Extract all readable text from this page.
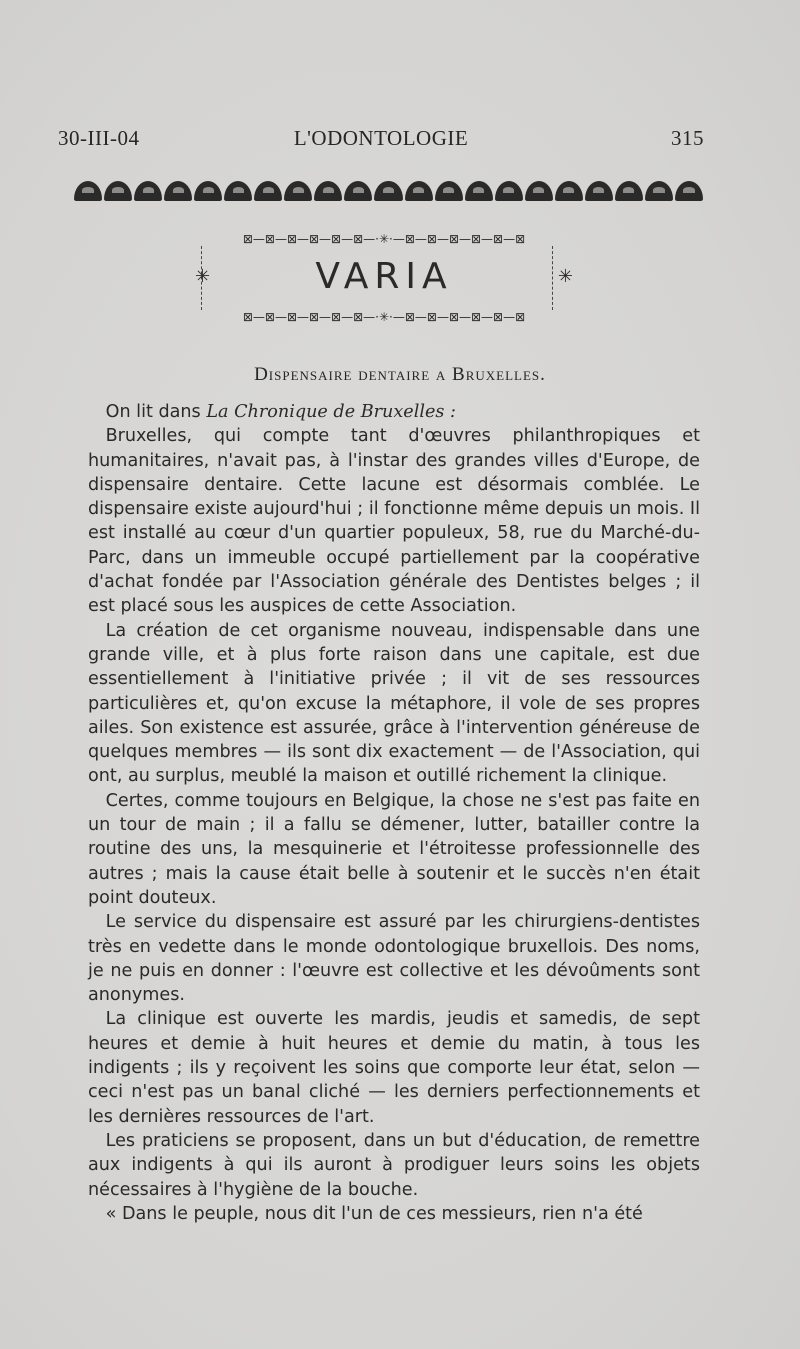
30-III-04	L'ODONTOLOGIE	315
⊠—⊠—⊠—⊠—⊠—⊠—·✳·—⊠—⊠—⊠—⊠—⊠—⊠
✳	✳
VARIA
⊠—⊠—⊠—⊠—⊠—⊠—·✳·—⊠—⊠—⊠—⊠—⊠—⊠
Dispensaire dentaire a Bruxelles.

 On lit dans La Chronique de Bruxelles :

 Bruxelles, qui compte tant d'œuvres philanthropiques et humanitaires, n'avait pas, à l'instar des grandes villes d'Europe, de dispensaire dentaire. Cette lacune est désormais comblée. Le dispensaire existe aujourd'hui ; il fonctionne même depuis un mois. Il est installé au cœur d'un quartier populeux, 58, rue du Marché-du-Parc, dans un immeuble occupé partiellement par la coopérative d'achat fondée par l'Association générale des Dentistes belges ; il est placé sous les auspices de cette Association.

 La création de cet organisme nouveau, indispensable dans une grande ville, et à plus forte raison dans une capitale, est due essentiellement à l'initiative privée ; il vit de ses ressources particulières et, qu'on excuse la métaphore, il vole de ses propres ailes. Son existence est assurée, grâce à l'intervention généreuse de quelques membres — ils sont dix exactement — de l'Association, qui ont, au surplus, meublé la maison et outillé richement la clinique.

 Certes, comme toujours en Belgique, la chose ne s'est pas faite en un tour de main ; il a fallu se démener, lutter, batailler contre la routine des uns, la mesquinerie et l'étroitesse professionnelle des autres ; mais la cause était belle à soutenir et le succès n'en était point douteux.

 Le service du dispensaire est assuré par les chirurgiens-dentistes très en vedette dans le monde odontologique bruxellois. Des noms, je ne puis en donner : l'œuvre est collective et les dévoûments sont anonymes.

 La clinique est ouverte les mardis, jeudis et samedis, de sept heures et demie à huit heures et demie du matin, à tous les indigents ; ils y reçoivent les soins que comporte leur état, selon — ceci n'est pas un banal cliché — les derniers perfectionnements et les dernières ressources de l'art.

 Les praticiens se proposent, dans un but d'éducation, de remettre aux indigents à qui ils auront à prodiguer leurs soins les objets nécessaires à l'hygiène de la bouche.

 « Dans le peuple, nous dit l'un de ces messieurs, rien n'a été
